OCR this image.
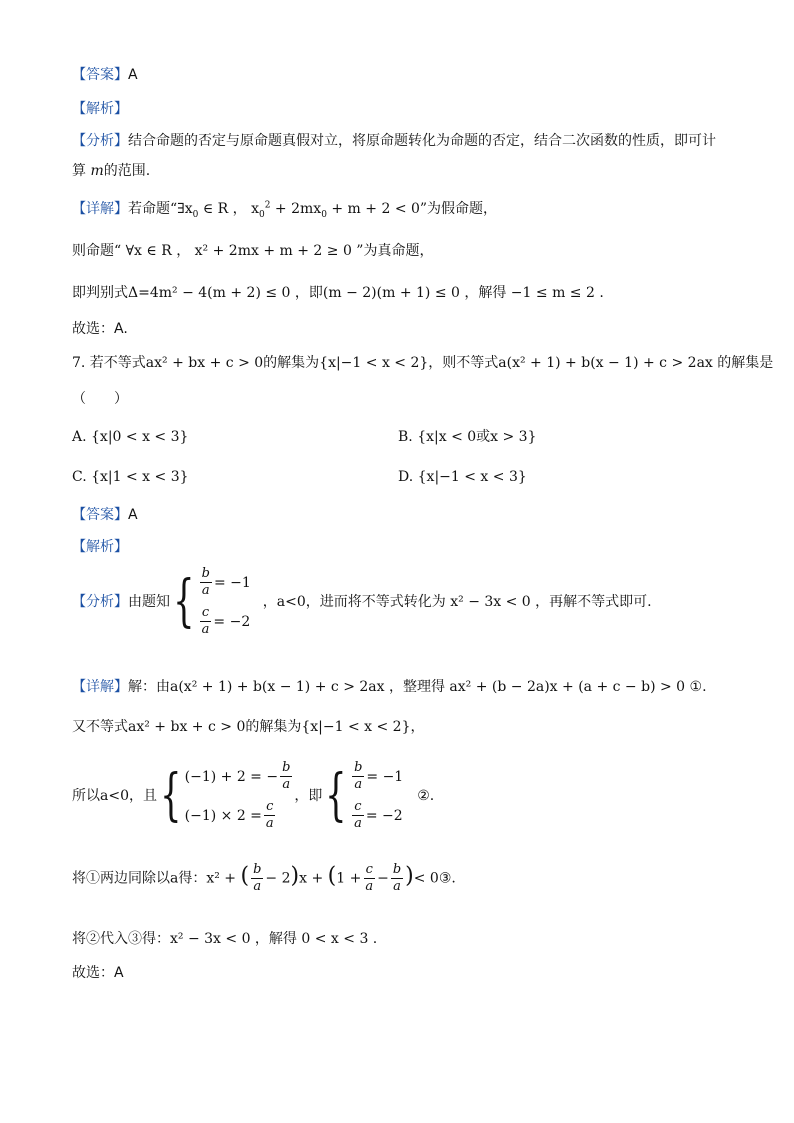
【答案】A
【解析】
【分析】结合命题的否定与原命题真假对立，将原命题转化为命题的否定，结合二次函数的性质，即可计
算 m的范围.
【详解】若命题“$\exists x_0$ ∈ R ， $x_0^2 + 2mx_0 + m + 2 < 0$”为假命题，
则命题“ ∀x ∈ R ， x² + 2mx + m + 2 ≥ 0 ”为真命题，
即判别式Δ=4m² − 4(m + 2) ≤ 0 ，即(m − 2)(m + 1) ≤ 0 ，解得 −1 ≤ m ≤ 2 .
故选：A.
7. 若不等式ax² + bx + c > 0的解集为{x|−1 < x < 2}，则不等式a(x² + 1) + b(x − 1) + c > 2ax 的解集是
（　　）
A. {x|0 < x < 3}	B. {x|x < 0或x > 3}
C. {x|1 < x < 3}	D. {x|−1 < x < 3}
【答案】A
【解析】
【分析】 由题知 { $\frac{b}{a} = -1$
$\frac{c}{a} = -2$
，a<0，进而将不等式转化为 x² − 3x < 0 ，再解不等式即可.
【详解】解：由a(x² + 1) + b(x − 1) + c > 2ax ，整理得 ax² + (b − 2a)x + (a + c − b) > 0 ①.
又不等式ax² + bx + c > 0的解集为{x|−1 < x < 2}，
所以a<0，且 { (−1) + 2 = − $\frac{b}{a}$
$(-1) \times 2 = \frac{c}{a}$
，即 { $\frac{b}{a} = -1$
$\frac{c}{a} = -2$
②.
将①两边同除以a得：x² + ( $\frac{b}{a} - 2)x + (1 + \frac{c}{a} - \frac{b}{a}$ )< 0③.
将②代入③得：x² − 3x < 0 ，解得 0 < x < 3 .
故选：A
